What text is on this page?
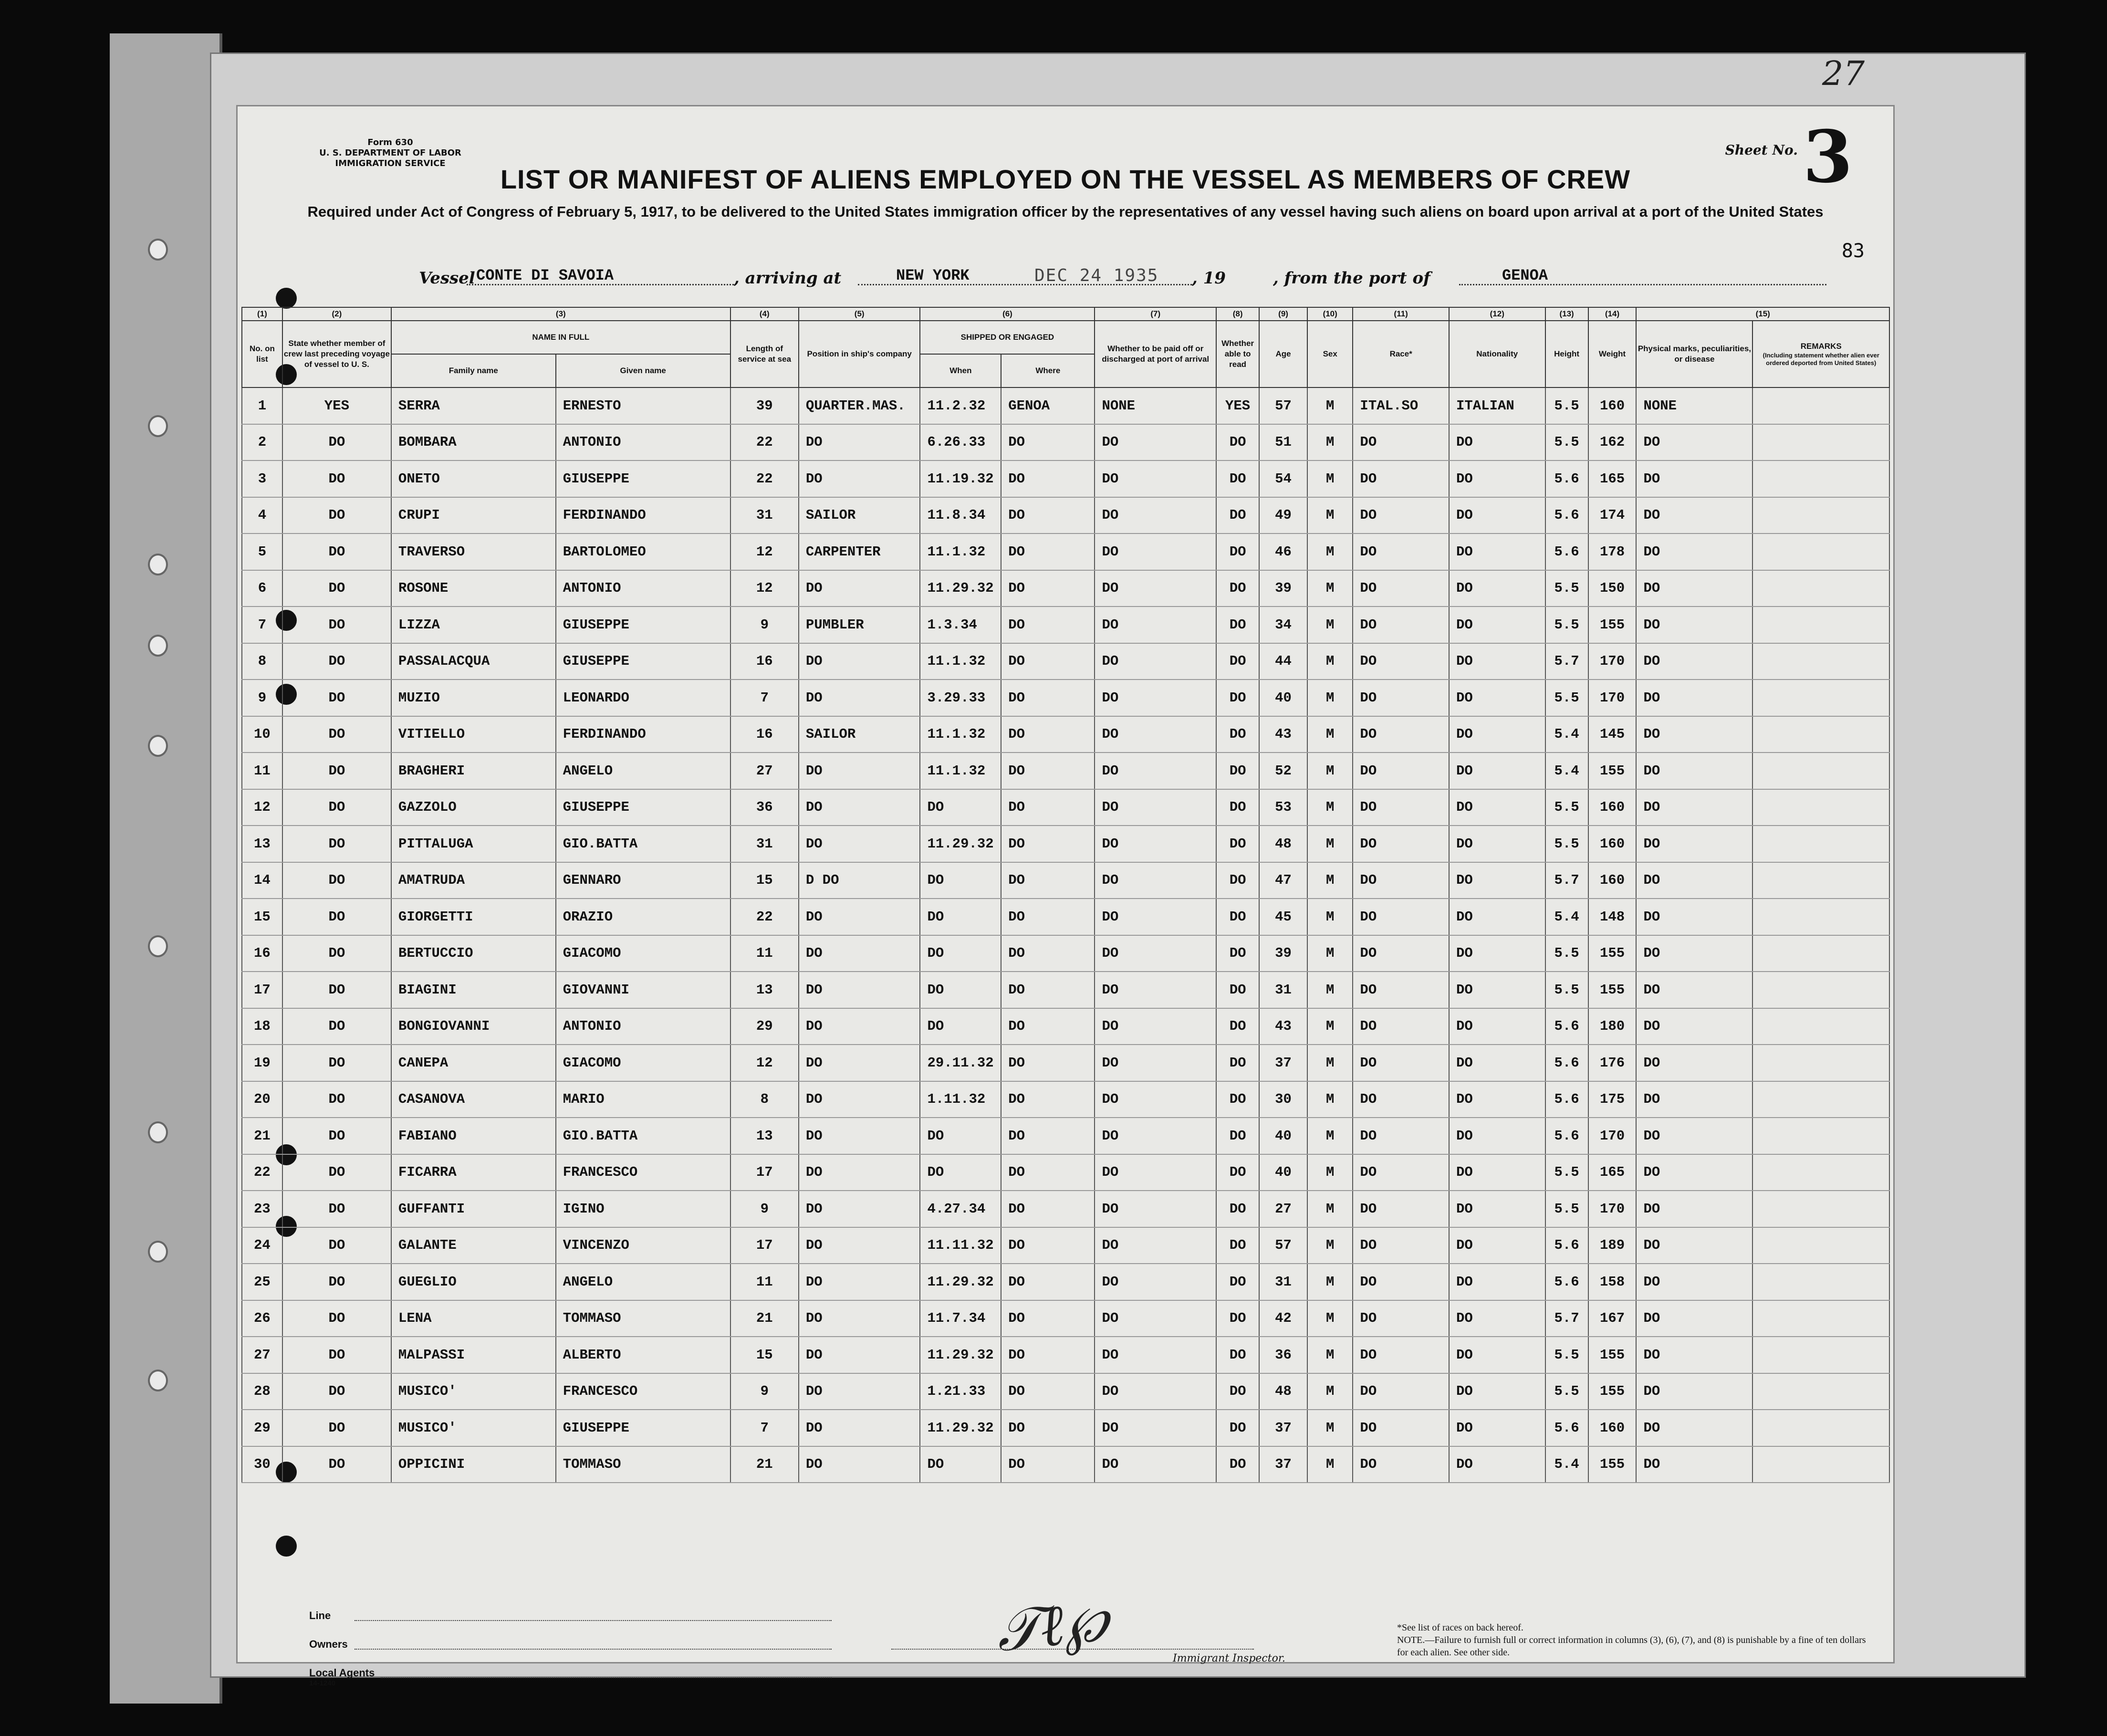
Form 630
U. S. DEPARTMENT OF LABOR
IMMIGRATION SERVICE
27
Sheet No. 3
83
LIST OR MANIFEST OF ALIENS EMPLOYED ON THE VESSEL AS MEMBERS OF CREW
Required under Act of Congress of February 5, 1917, to be delivered to the United States immigration officer by the representatives of any vessel having such aliens on board upon arrival at a port of the United States
Vessel CONTE DI SAVOIA	, arriving at	NEW YORK	DEC 24 1935 , 19	, from the port of	GENOA
(1)	(2)	(3)		(4)	(5)	(6)		(7)	(8)	(9)	(10)	(11)	(12)	(13)	(14)	(15)	
No. on list	State whether member of crew last preceding voyage of vessel to U. S.	NAME IN FULL		Length of service at sea	Position in ship's company	SHIPPED OR ENGAGED		Whether to be paid off or discharged at port of arrival	Whether able to read	Age	Sex	Race*	Nationality	Height	Weight	Physical marks, peculiarities, or disease	REMARKS
(Including statement whether alien ever ordered deported from United States)

		Family name	Given name			When	Where										
1	YES	SERRA	ERNESTO	39	QUARTER.MAS.	11.2.32	GENOA	NONE	YES	57	M	ITAL.SO	ITALIAN	5.5	160	NONE	
2	DO	BOMBARA	ANTONIO	22	DO	6.26.33	DO	DO	DO	51	M	DO	DO	5.5	162	DO	
3	DO	ONETO	GIUSEPPE	22	DO	11.19.32	DO	DO	DO	54	M	DO	DO	5.6	165	DO	
4	DO	CRUPI	FERDINANDO	31	SAILOR	11.8.34	DO	DO	DO	49	M	DO	DO	5.6	174	DO	
5	DO	TRAVERSO	BARTOLOMEO	12	CARPENTER	11.1.32	DO	DO	DO	46	M	DO	DO	5.6	178	DO	
6	DO	ROSONE	ANTONIO	12	DO	11.29.32	DO	DO	DO	39	M	DO	DO	5.5	150	DO	
7	DO	LIZZA	GIUSEPPE	9	PUMBLER	1.3.34	DO	DO	DO	34	M	DO	DO	5.5	155	DO	
8	DO	PASSALACQUA	GIUSEPPE	16	DO	11.1.32	DO	DO	DO	44	M	DO	DO	5.7	170	DO	
9	DO	MUZIO	LEONARDO	7	DO	3.29.33	DO	DO	DO	40	M	DO	DO	5.5	170	DO	
10	DO	VITIELLO	FERDINANDO	16	SAILOR	11.1.32	DO	DO	DO	43	M	DO	DO	5.4	145	DO	
11	DO	BRAGHERI	ANGELO	27	DO	11.1.32	DO	DO	DO	52	M	DO	DO	5.4	155	DO	
12	DO	GAZZOLO	GIUSEPPE	36	DO	DO	DO	DO	DO	53	M	DO	DO	5.5	160	DO	
13	DO	PITTALUGA	GIO.BATTA	31	DO	11.29.32	DO	DO	DO	48	M	DO	DO	5.5	160	DO	
14	DO	AMATRUDA	GENNARO	15	D DO	DO	DO	DO	DO	47	M	DO	DO	5.7	160	DO	
15	DO	GIORGETTI	ORAZIO	22	DO	DO	DO	DO	DO	45	M	DO	DO	5.4	148	DO	
16	DO	BERTUCCIO	GIACOMO	11	DO	DO	DO	DO	DO	39	M	DO	DO	5.5	155	DO	
17	DO	BIAGINI	GIOVANNI	13	DO	DO	DO	DO	DO	31	M	DO	DO	5.5	155	DO	
18	DO	BONGIOVANNI	ANTONIO	29	DO	DO	DO	DO	DO	43	M	DO	DO	5.6	180	DO	
19	DO	CANEPA	GIACOMO	12	DO	29.11.32	DO	DO	DO	37	M	DO	DO	5.6	176	DO	
20	DO	CASANOVA	MARIO	8	DO	1.11.32	DO	DO	DO	30	M	DO	DO	5.6	175	DO	
21	DO	FABIANO	GIO.BATTA	13	DO	DO	DO	DO	DO	40	M	DO	DO	5.6	170	DO	
22	DO	FICARRA	FRANCESCO	17	DO	DO	DO	DO	DO	40	M	DO	DO	5.5	165	DO	
23	DO	GUFFANTI	IGINO	9	DO	4.27.34	DO	DO	DO	27	M	DO	DO	5.5	170	DO	
24	DO	GALANTE	VINCENZO	17	DO	11.11.32	DO	DO	DO	57	M	DO	DO	5.6	189	DO	
25	DO	GUEGLIO	ANGELO	11	DO	11.29.32	DO	DO	DO	31	M	DO	DO	5.6	158	DO	
26	DO	LENA	TOMMASO	21	DO	11.7.34	DO	DO	DO	42	M	DO	DO	5.7	167	DO	
27	DO	MALPASSI	ALBERTO	15	DO	11.29.32	DO	DO	DO	36	M	DO	DO	5.5	155	DO	
28	DO	MUSICO'	FRANCESCO	9	DO	1.21.33	DO	DO	DO	48	M	DO	DO	5.5	155	DO	
29	DO	MUSICO'	GIUSEPPE	7	DO	11.29.32	DO	DO	DO	37	M	DO	DO	5.6	160	DO	
30	DO	OPPICINI	TOMMASO	21	DO	DO	DO	DO	DO	37	M	DO	DO	5.4	155	DO	
Line
Owners
Local Agents
14-1240
𝒯ℓ℘	Immigrant Inspector.
*See list of races on back hereof.
NOTE.—Failure to furnish full or correct information in columns (3), (6), (7), and (8) is punishable by a fine of ten dollars for each alien. See other side.
